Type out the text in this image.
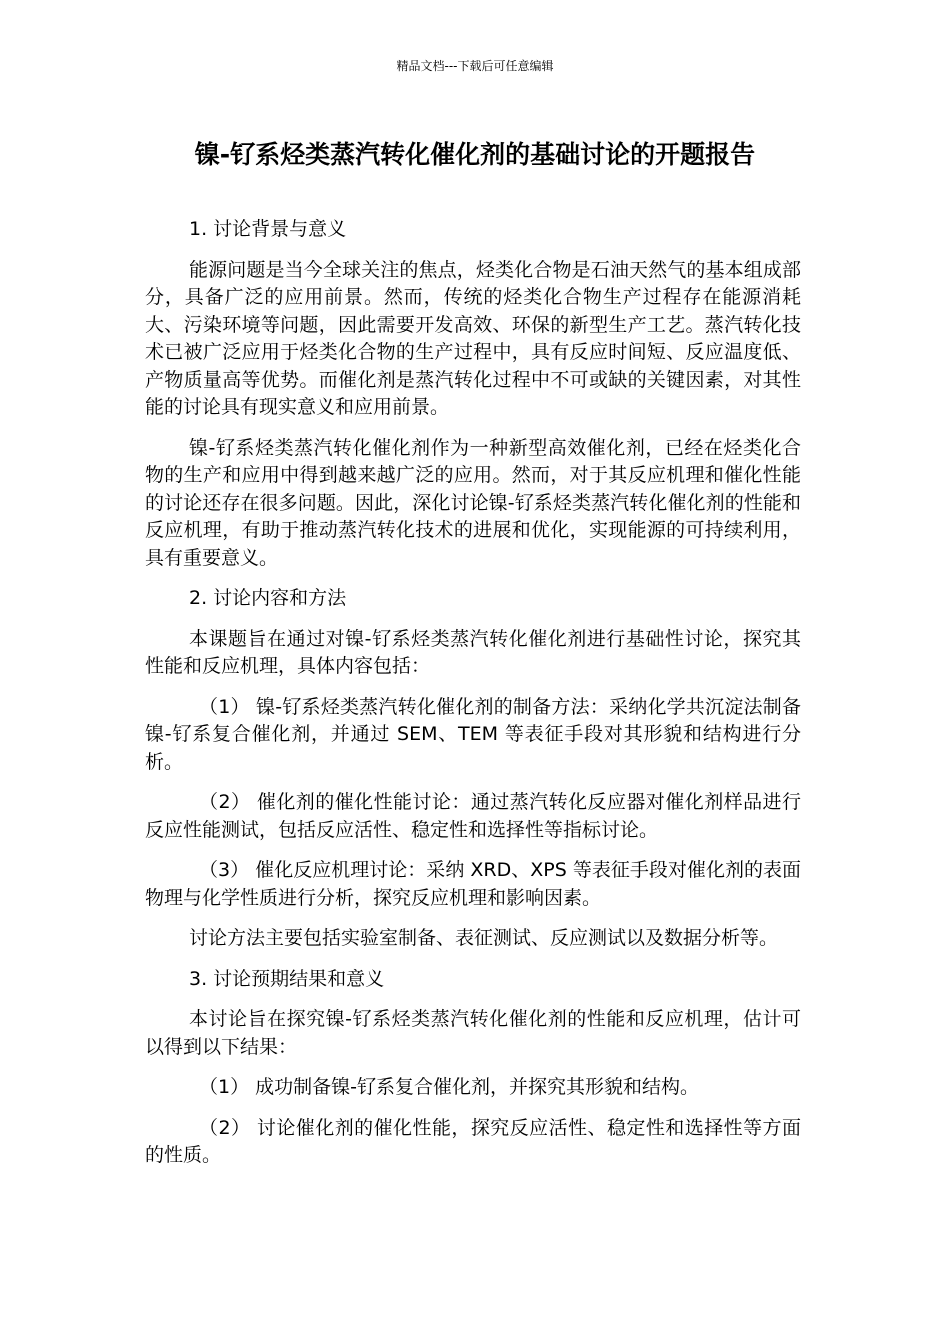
精品文档---下载后可任意编辑
镍-钌系烃类蒸汽转化催化剂的基础讨论的开题报告

1. 讨论背景与意义

能源问题是当今全球关注的焦点，烃类化合物是石油天然气的基本组成部分，具备广泛的应用前景。然而，传统的烃类化合物生产过程存在能源消耗大、污染环境等问题，因此需要开发高效、环保的新型生产工艺。蒸汽转化技术已被广泛应用于烃类化合物的生产过程中，具有反应时间短、反应温度低、产物质量高等优势。而催化剂是蒸汽转化过程中不可或缺的关键因素，对其性能的讨论具有现实意义和应用前景。

镍-钌系烃类蒸汽转化催化剂作为一种新型高效催化剂，已经在烃类化合物的生产和应用中得到越来越广泛的应用。然而，对于其反应机理和催化性能的讨论还存在很多问题。因此，深化讨论镍-钌系烃类蒸汽转化催化剂的性能和反应机理，有助于推动蒸汽转化技术的进展和优化，实现能源的可持续利用，具有重要意义。

2. 讨论内容和方法

本课题旨在通过对镍-钌系烃类蒸汽转化催化剂进行基础性讨论，探究其性能和反应机理，具体内容包括：

（1） 镍-钌系烃类蒸汽转化催化剂的制备方法：采纳化学共沉淀法制备镍-钌系复合催化剂，并通过 SEM、TEM 等表征手段对其形貌和结构进行分析。

（2） 催化剂的催化性能讨论：通过蒸汽转化反应器对催化剂样品进行反应性能测试，包括反应活性、稳定性和选择性等指标讨论。

（3） 催化反应机理讨论：采纳 XRD、XPS 等表征手段对催化剂的表面物理与化学性质进行分析，探究反应机理和影响因素。

讨论方法主要包括实验室制备、表征测试、反应测试以及数据分析等。

3. 讨论预期结果和意义

本讨论旨在探究镍-钌系烃类蒸汽转化催化剂的性能和反应机理，估计可以得到以下结果：

（1） 成功制备镍-钌系复合催化剂，并探究其形貌和结构。

（2） 讨论催化剂的催化性能，探究反应活性、稳定性和选择性等方面的性质。
